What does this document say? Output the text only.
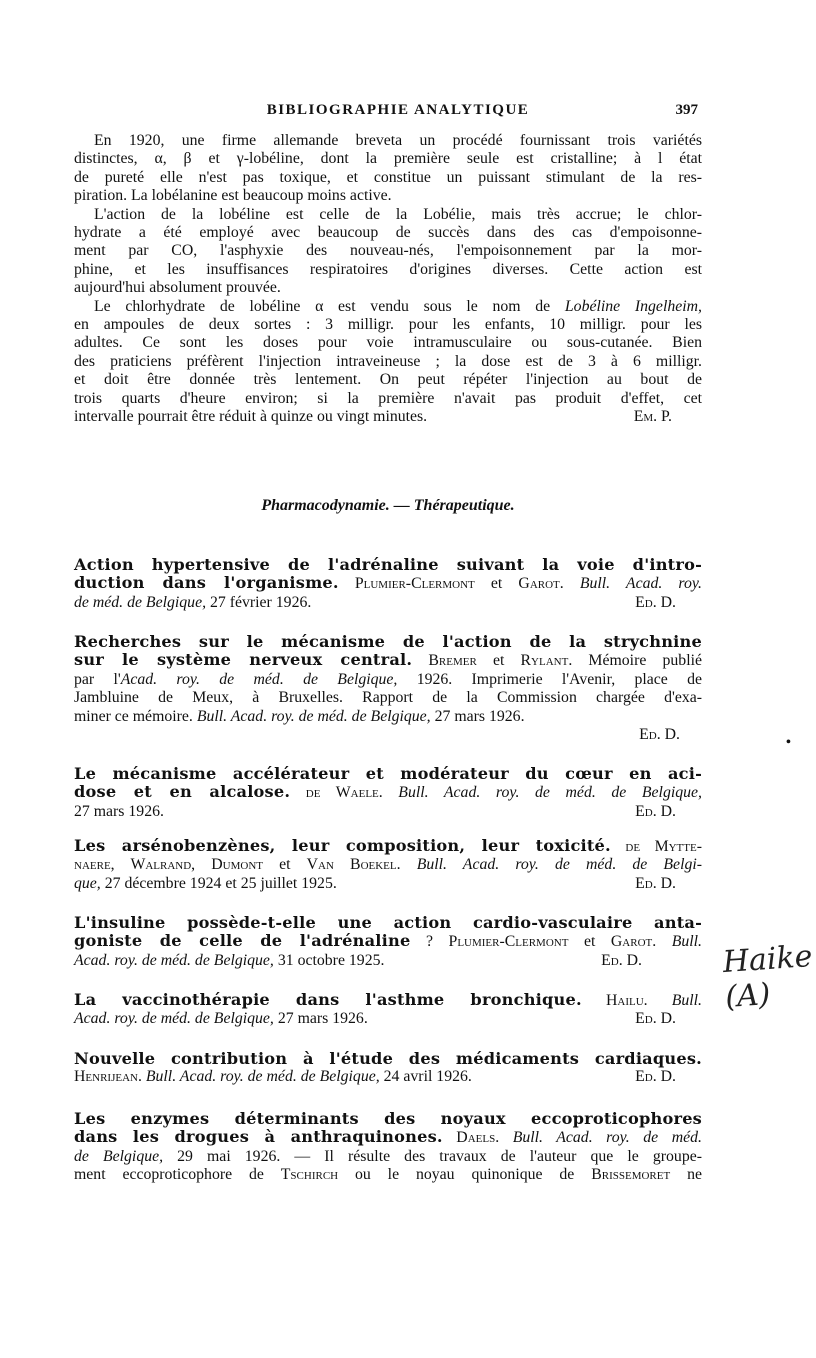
BIBLIOGRAPHIE ANALYTIQUE	397
En 1920, une firme allemande breveta un procédé fournissant trois variétés
distinctes, α, β et γ-lobéline, dont la première seule est cristalline; à l état
de pureté elle n'est pas toxique, et constitue un puissant stimulant de la res-
piration. La lobélanine est beaucoup moins active.
L'action de la lobéline est celle de la Lobélie, mais très accrue; le chlor-
hydrate a été employé avec beaucoup de succès dans des cas d'empoisonne-
ment par CO, l'asphyxie des nouveau-nés, l'empoisonnement par la mor-
phine, et les insuffisances respiratoires d'origines diverses. Cette action est
aujourd'hui absolument prouvée.
Le chlorhydrate de lobéline α est vendu sous le nom de Lobéline Ingelheim,
en ampoules de deux sortes : 3 milligr. pour les enfants, 10 milligr. pour les
adultes. Ce sont les doses pour voie intramusculaire ou sous-cutanée. Bien
des praticiens préfèrent l'injection intraveineuse ; la dose est de 3 à 6 milligr.
et doit être donnée très lentement. On peut répéter l'injection au bout de
trois quarts d'heure environ; si la première n'avait pas produit d'effet, cet
intervalle pourrait être réduit à quinze ou vingt minutes.	Em. P.
Pharmacodynamie. — Thérapeutique.
Action hypertensive de l'adrénaline suivant la voie d'intro-
duction dans l'organisme. Plumier-Clermont et Garot. Bull. Acad. roy.
de méd. de Belgique, 27 février 1926.	Ed. D.
Recherches sur le mécanisme de l'action de la strychnine
sur le système nerveux central. Bremer et Rylant. Mémoire publié
par l'Acad. roy. de méd. de Belgique, 1926. Imprimerie l'Avenir, place de
Jambluine de Meux, à Bruxelles. Rapport de la Commission chargée d'exa-
miner ce mémoire. Bull. Acad. roy. de méd. de Belgique, 27 mars 1926.
Ed. D.
Le mécanisme accélérateur et modérateur du cœur en aci-
dose et en alcalose. de Waele. Bull. Acad. roy. de méd. de Belgique,
27 mars 1926.	Ed. D.
Les arsénobenzènes, leur composition, leur toxicité. de Mytte-
naere, Walrand, Dumont et Van Boekel. Bull. Acad. roy. de méd. de Belgi-
que, 27 décembre 1924 et 25 juillet 1925.	Ed. D.
L'insuline possède-t-elle une action cardio-vasculaire anta-
goniste de celle de l'adrénaline ? Plumier-Clermont et Garot. Bull.
Acad. roy. de méd. de Belgique, 31 octobre 1925.	Ed. D.
La vaccinothérapie dans l'asthme bronchique. Hailu. Bull.
Acad. roy. de méd. de Belgique, 27 mars 1926.	Ed. D.
Nouvelle contribution à l'étude des médicaments cardiaques.
Henrijean. Bull. Acad. roy. de méd. de Belgique, 24 avril 1926.	Ed. D.
Les enzymes déterminants des noyaux eccoproticophores
dans les drogues à anthraquinones. Daels. Bull. Acad. roy. de méd.
de Belgique, 29 mai 1926. — Il résulte des travaux de l'auteur que le groupe-
ment eccoproticophore de Tschirch ou le noyau quinonique de Brissemoret ne
Haike (A)
•
